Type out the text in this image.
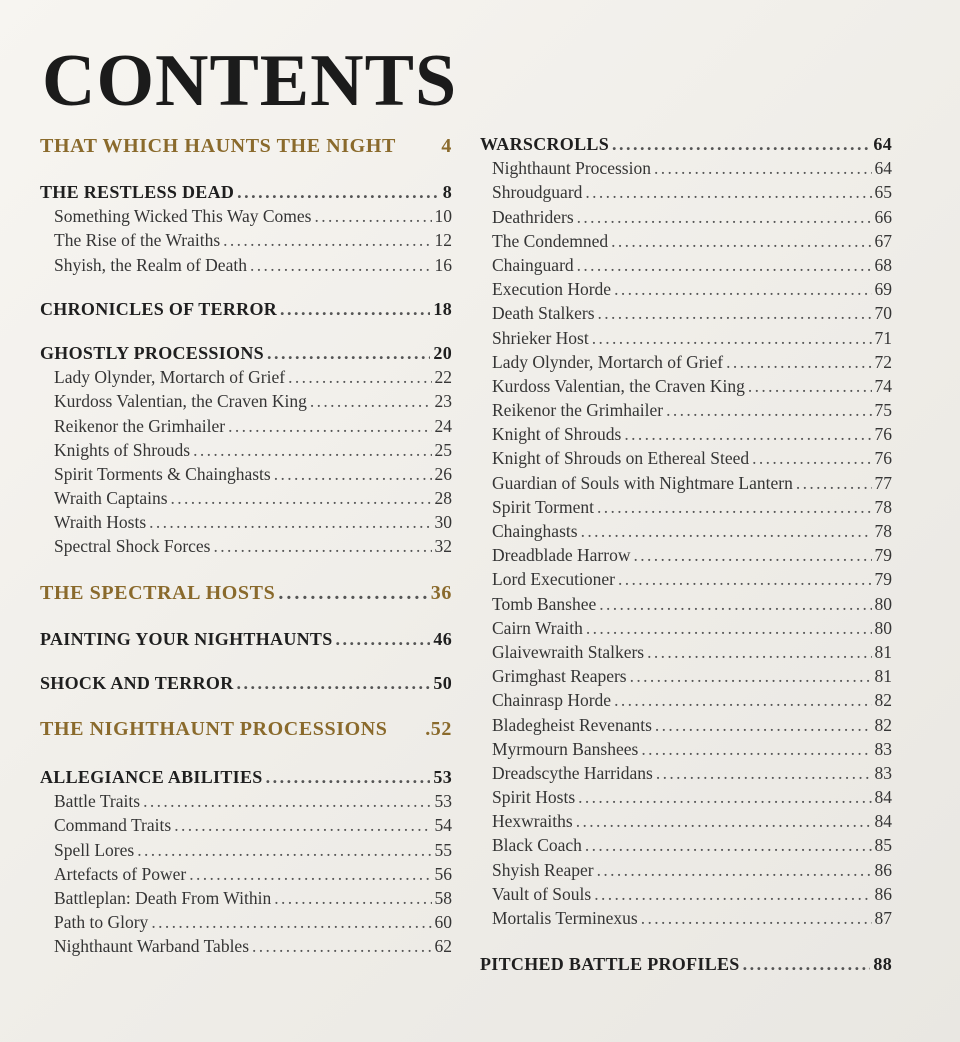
CONTENTS
THAT WHICH HAUNTS THE NIGHT 4
THE RESTLESS DEAD . . .	8
Something Wicked This Way Comes . . .	10
The Rise of the Wraiths . . .	12
Shyish, the Realm of Death . . .	16
CHRONICLES OF TERROR . . .	18
GHOSTLY PROCESSIONS . . .	20
Lady Olynder, Mortarch of Grief . . .	22
Kurdoss Valentian, the Craven King . . .	23
Reikenor the Grimhailer . . .	24
Knights of Shrouds . . .	25
Spirit Torments & Chainghasts . . .	26
Wraith Captains . . .	28
Wraith Hosts . . .	30
Spectral Shock Forces . . .	32
THE SPECTRAL HOSTS . . .	36
PAINTING YOUR NIGHTHAUNTS . . .	46
SHOCK AND TERROR . . .	50
THE NIGHTHAUNT PROCESSIONS .52
ALLEGIANCE ABILITIES . . .	53
Battle Traits . . .	53
Command Traits . . .	54
Spell Lores . . .	55
Artefacts of Power . . .	56
Battleplan: Death From Within . . .	58
Path to Glory . . .	60
Nighthaunt Warband Tables . . .	62
WARSCROLLS . . .	64
Nighthaunt Procession . . .	64
Shroudguard . . .	65
Deathriders . . .	66
The Condemned . . .	67
Chainguard . . .	68
Execution Horde . . .	69
Death Stalkers . . .	70
Shrieker Host . . .	71
Lady Olynder, Mortarch of Grief . . .	72
Kurdoss Valentian, the Craven King . . .	74
Reikenor the Grimhailer . . .	75
Knight of Shrouds . . .	76
Knight of Shrouds on Ethereal Steed . . .	76
Guardian of Souls with Nightmare Lantern . . .	77
Spirit Torment . . .	78
Chainghasts . . .	78
Dreadblade Harrow . . .	79
Lord Executioner . . .	79
Tomb Banshee . . .	80
Cairn Wraith . . .	80
Glaivewraith Stalkers . . .	81
Grimghast Reapers . . .	81
Chainrasp Horde . . .	82
Bladegheist Revenants . . .	82
Myrmourn Banshees . . .	83
Dreadscythe Harridans . . .	83
Spirit Hosts . . .	84
Hexwraiths . . .	84
Black Coach . . .	85
Shyish Reaper . . .	86
Vault of Souls . . .	86
Mortalis Terminexus . . .	87
PITCHED BATTLE PROFILES . . .	88
